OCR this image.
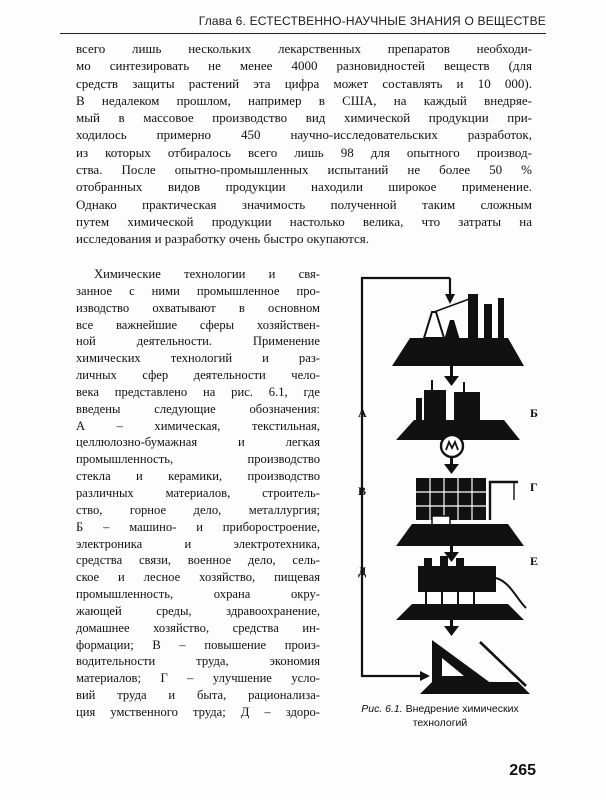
Глава 6. ЕСТЕСТВЕННО-НАУЧНЫЕ ЗНАНИЯ О ВЕЩЕСТВЕ
всего лишь нескольких лекарственных препаратов необходи-
мо синтезировать не менее 4000 разновидностей веществ (для
средств защиты растений эта цифра может составлять и 10 000).
В недалеком прошлом, например в США, на каждый внедряе-
мый в массовое производство вид химической продукции при-
ходилось примерно 450 научно-исследовательских разработок,
из которых отбиралось всего лишь 98 для опытного производ-
ства. После опытно-промышленных испытаний не более 50 %
отобранных видов продукции находили широкое применение.
Однако практическая значимость полученной таким сложным
путем химической продукции настолько велика, что затраты на
исследования и разработку очень быстро окупаются.
Химические технологии и свя-
занное с ними промышленное про-
изводство охватывают в основном
все важнейшие сферы хозяйствен-
ной деятельности. Применение
химических технологий и раз-
личных сфер деятельности чело-
века представлено на рис. 6.1, где
введены следующие обозначения:
А – химическая, текстильная,
целлюлозно-бумажная и легкая
промышленность, производство
стекла и керамики, производство
различных материалов, строитель-
ство, горное дело, металлургия;
Б – машино- и приборостроение,
электроника и электротехника,
средства связи, военное дело, сель-
ское и лесное хозяйство, пищевая
промышленность, охрана окру-
жающей среды, здравоохранение,
домашнее хозяйство, средства ин-
формации; В – повышение произ-
водительности труда, экономия
материалов; Г – улучшение усло-
вий труда и быта, рационализа-
ция умственного труда; Д – здоро-
А	Б
В	Г
Д
Е
Рис. 6.1. Внедрение химических
технологий
265
